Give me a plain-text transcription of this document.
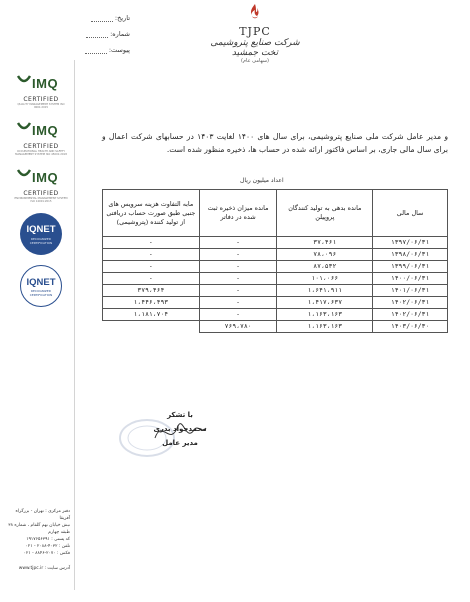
تاریخ:
شماره:
پیوست:
TJPC
شرکت صنایع پتروشیمی تخت جمشید
(سهامی عام)
IMQ
CERTIFIED
QUALITY MANAGEMENT SYSTEM ISO 9001:2015
IMQ
CERTIFIED
OCCUPATIONAL HEALTH AND SAFETY MANAGEMENT SYSTEM ISO 45001:2018
IMQ
CERTIFIED
ENVIRONMENTAL MANAGEMENT SYSTEM ISO 14001:2015
IQNET
RECOGNIZED CERTIFICATION
IQNET
RECOGNIZED CERTIFICATION
و مدیر عامل شرکت ملی صنایع پتروشیمی، برای سال های ۱۴۰۰ لغایت ۱۴۰۳ در حسابهای شرکت اعمال و برای سال مالی جاری، بر اساس فاکتور ارائه شده در حساب ها، ذخیره منظور شده است.
اعداد میلیون ریال
سال مالی	مانده بدهی به تولید کنندگان پروپیلن	مانده میزان ذخیره ثبت شده در دفاتر	مابه التفاوت هزینه سرویس های جنبی طبق صورت حساب دریافتی از تولید کننده (پتروشیمی)
۱۳۹۷/۰۶/۳۱	۳۷،۴۶۱	-	-
۱۳۹۸/۰۶/۳۱	۷۸،۰۹۶	-	-
۱۳۹۹/۰۶/۳۱	۸۷،۵۳۲	-	-
۱۴۰۰/۰۶/۳۱	۱۰۱،۰۶۶	-	-
۱۴۰۱/۰۶/۳۱	۱،۶۴۱،۹۱۱	-	۳۷۹،۴۶۴
۱۴۰۲/۰۶/۳۱	۱،۴۱۷،۶۳۷	-	۱،۴۴۶،۴۹۳
۱۴۰۲/۰۶/۳۱	۱،۱۶۳،۱۶۳	-	۱،۱۸۱،۷۰۴
۱۴۰۳/۰۶/۳۰	۱،۱۶۳،۱۶۳	۷۶۹،۷۸۰	
با تشکر
محمدجواد بدری
مدیر عامل
دفتر مرکزی : تهران - بزرگراه آفریقا
نبش خیابان نهم گلفام ، شماره ۳۸
طبقه چهارم
کد پستی : ۱۹۱۷۶۵۶۳۹۱
تلفن : ۴۰۳۲-۲۰۸۸ - ۰۲۱
فکس : ۲۰۷۰-۸۸۴۶ - ۰۲۱
آدرس سایت : www.tjpc.ir
